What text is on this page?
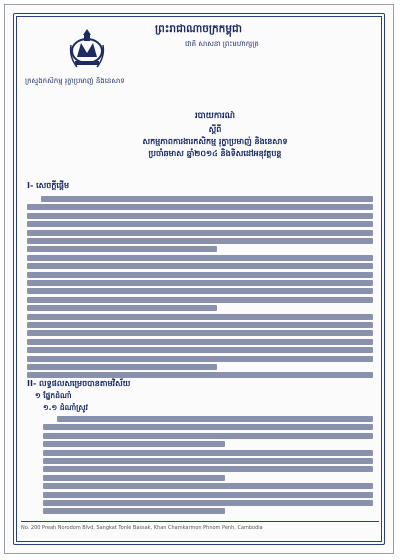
ព្រះរាជាណាចក្រកម្ពុជា
ជាតិ សាសនា ព្រះមហាក្សត្រ
ក្រសួងកសិកម្ម រុក្ខាប្រមាញ់ និងនេសាទ
របាយការណ៍
ស្តីពី
សកម្មភាពការងារកសិកម្ម រុក្ខាប្រមាញ់ និងនេសាទ
ប្រចាំឆមាស ឆ្នាំ២០១៤ និងទិសដៅអនុវត្តបន្ត
I- សេចក្តីផ្តើម
II- លទ្ធផលសម្រេចបានតាមវិស័យ
១ ផ្នែកដំណាំ
១.១ ដំណាំស្រូវ
No. 200 Preah Norodom Blvd, Sangkat Tonle Bassak, Khan Chamkarmon Phnom Penh, Cambodia
